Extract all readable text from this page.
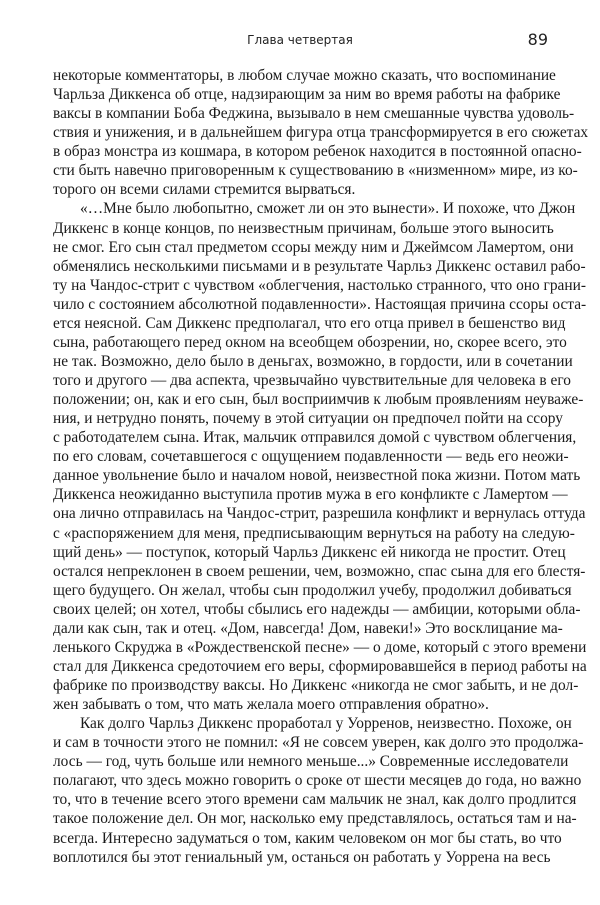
Глава четвертая	89
некоторые комментаторы, в любом случае можно сказать, что воспоминание
Чарльза Диккенса об отце, надзирающим за ним во время работы на фабрике
ваксы в компании Боба Феджина, вызывало в нем смешанные чувства удоволь-
ствия и унижения, и в дальнейшем фигура отца трансформируется в его сюжетах
в образ монстра из кошмара, в котором ребенок находится в постоянной опасно-
сти быть навечно приговоренным к существованию в «низменном» мире, из ко-
торого он всеми силами стремится вырваться.
«…Мне было любопытно, сможет ли он это вынести». И похоже, что Джон
Диккенс в конце концов, по неизвестным причинам, больше этого выносить
не смог. Его сын стал предметом ссоры между ним и Джеймсом Ламертом, они
обменялись несколькими письмами и в результате Чарльз Диккенс оставил рабо-
ту на Чандос-стрит с чувством «облегчения, настолько странного, что оно грани-
чило с состоянием абсолютной подавленности». Настоящая причина ссоры оста-
ется неясной. Сам Диккенс предполагал, что его отца привел в бешенство вид
сына, работающего перед окном на всеобщем обозрении, но, скорее всего, это
не так. Возможно, дело было в деньгах, возможно, в гордости, или в сочетании
того и другого — два аспекта, чрезвычайно чувствительные для человека в его
положении; он, как и его сын, был восприимчив к любым проявлениям неуваже-
ния, и нетрудно понять, почему в этой ситуации он предпочел пойти на ссору
с работодателем сына. Итак, мальчик отправился домой с чувством облегчения,
по его словам, сочетавшегося с ощущением подавленности — ведь его неожи-
данное увольнение было и началом новой, неизвестной пока жизни. Потом мать
Диккенса неожиданно выступила против мужа в его конфликте с Ламертом —
она лично отправилась на Чандос-стрит, разрешила конфликт и вернулась оттуда
с «распоряжением для меня, предписывающим вернуться на работу на следую-
щий день» — поступок, который Чарльз Диккенс ей никогда не простит. Отец
остался непреклонен в своем решении, чем, возможно, спас сына для его блестя-
щего будущего. Он желал, чтобы сын продолжил учебу, продолжил добиваться
своих целей; он хотел, чтобы сбылись его надежды — амбиции, которыми обла-
дали как сын, так и отец. «Дом, навсегда! Дом, навеки!» Это восклицание ма-
ленького Скруджа в «Рождественской песне» — о доме, который с этого времени
стал для Диккенса средоточием его веры, сформировавшейся в период работы на
фабрике по производству ваксы. Но Диккенс «никогда не смог забыть, и не дол-
жен забывать о том, что мать желала моего отправления обратно».
Как долго Чарльз Диккенс проработал у Уорренов, неизвестно. Похоже, он
и сам в точности этого не помнил: «Я не совсем уверен, как долго это продолжа-
лось — год, чуть больше или немного меньше...» Современные исследователи
полагают, что здесь можно говорить о сроке от шести месяцев до года, но важно
то, что в течение всего этого времени сам мальчик не знал, как долго продлится
такое положение дел. Он мог, насколько ему представлялось, остаться там и на-
всегда. Интересно задуматься о том, каким человеком он мог бы стать, во что
воплотился бы этот гениальный ум, останься он работать у Уоррена на весь
